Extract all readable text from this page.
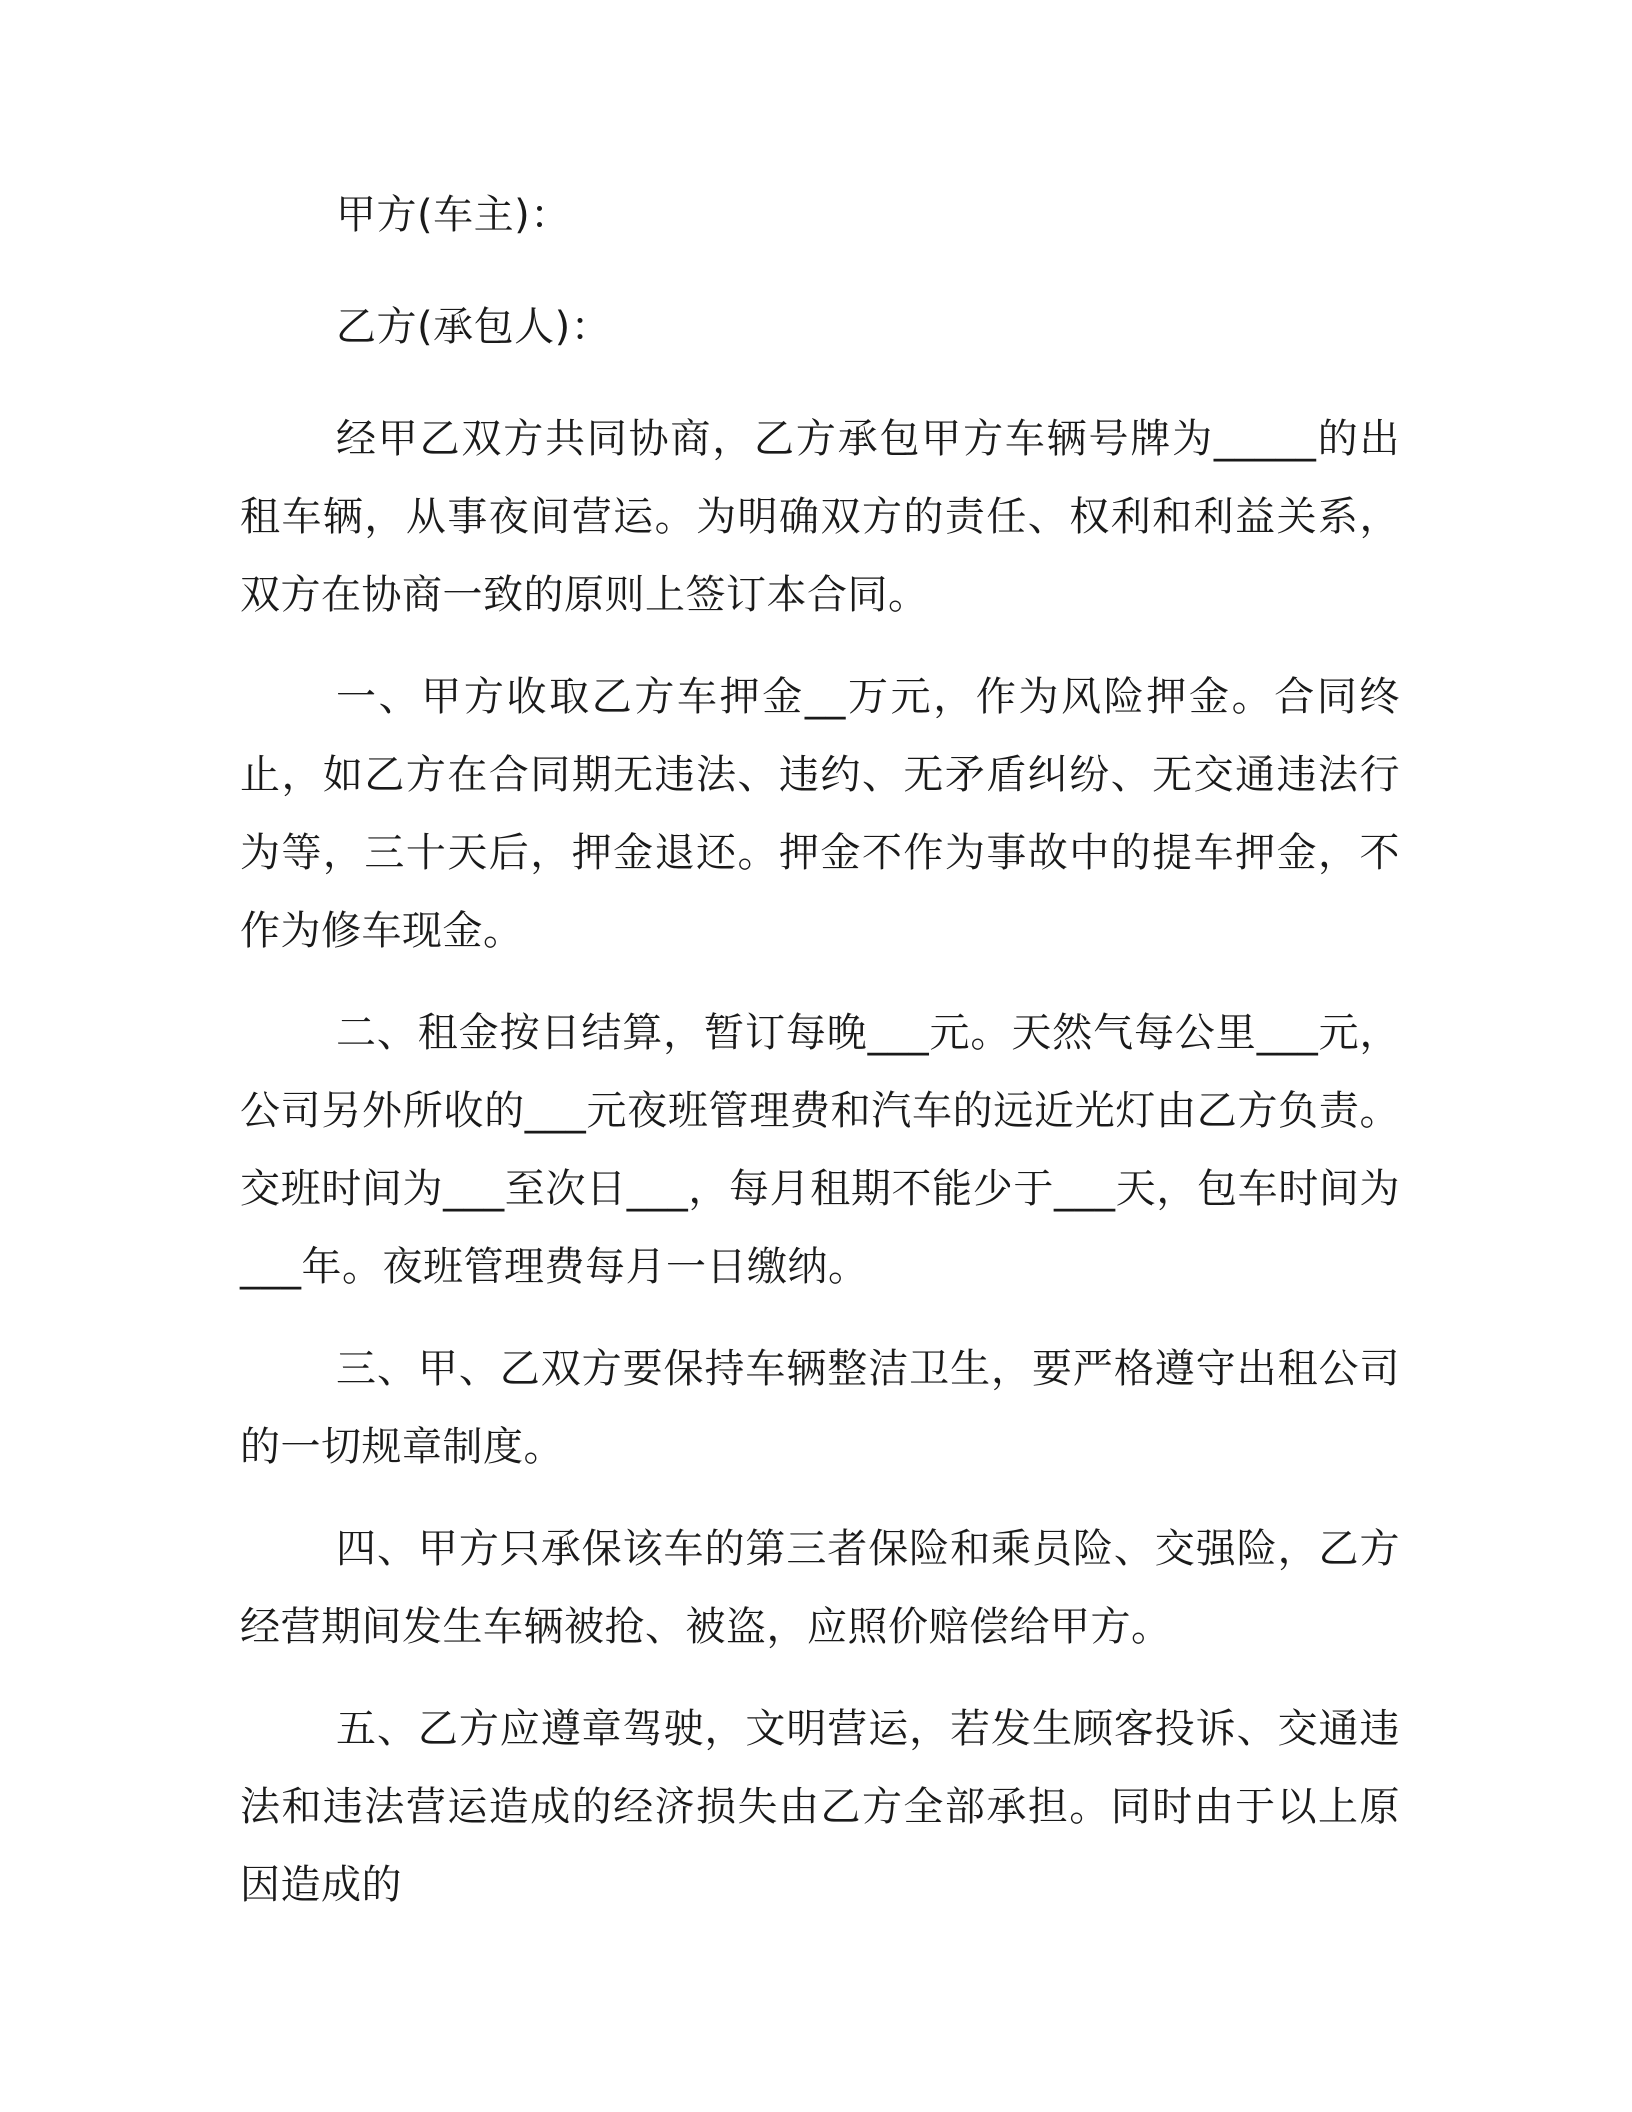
甲方(车主)：

乙方(承包人)：

经甲乙双方共同协商，乙方承包甲方车辆号牌为_____的出租车辆，从事夜间营运。为明确双方的责任、权利和利益关系，双方在协商一致的原则上签订本合同。

一、甲方收取乙方车押金__万元，作为风险押金。合同终止，如乙方在合同期无违法、违约、无矛盾纠纷、无交通违法行为等，三十天后，押金退还。押金不作为事故中的提车押金，不作为修车现金。

二、租金按日结算，暂订每晚___元。天然气每公里___元，公司另外所收的___元夜班管理费和汽车的远近光灯由乙方负责。交班时间为___至次日___，每月租期不能少于___天，包车时间为___年。夜班管理费每月一日缴纳。

三、甲、乙双方要保持车辆整洁卫生，要严格遵守出租公司的一切规章制度。

四、甲方只承保该车的第三者保险和乘员险、交强险，乙方经营期间发生车辆被抢、被盗，应照价赔偿给甲方。

五、乙方应遵章驾驶，文明营运，若发生顾客投诉、交通违法和违法营运造成的经济损失由乙方全部承担。同时由于以上原因造成的
